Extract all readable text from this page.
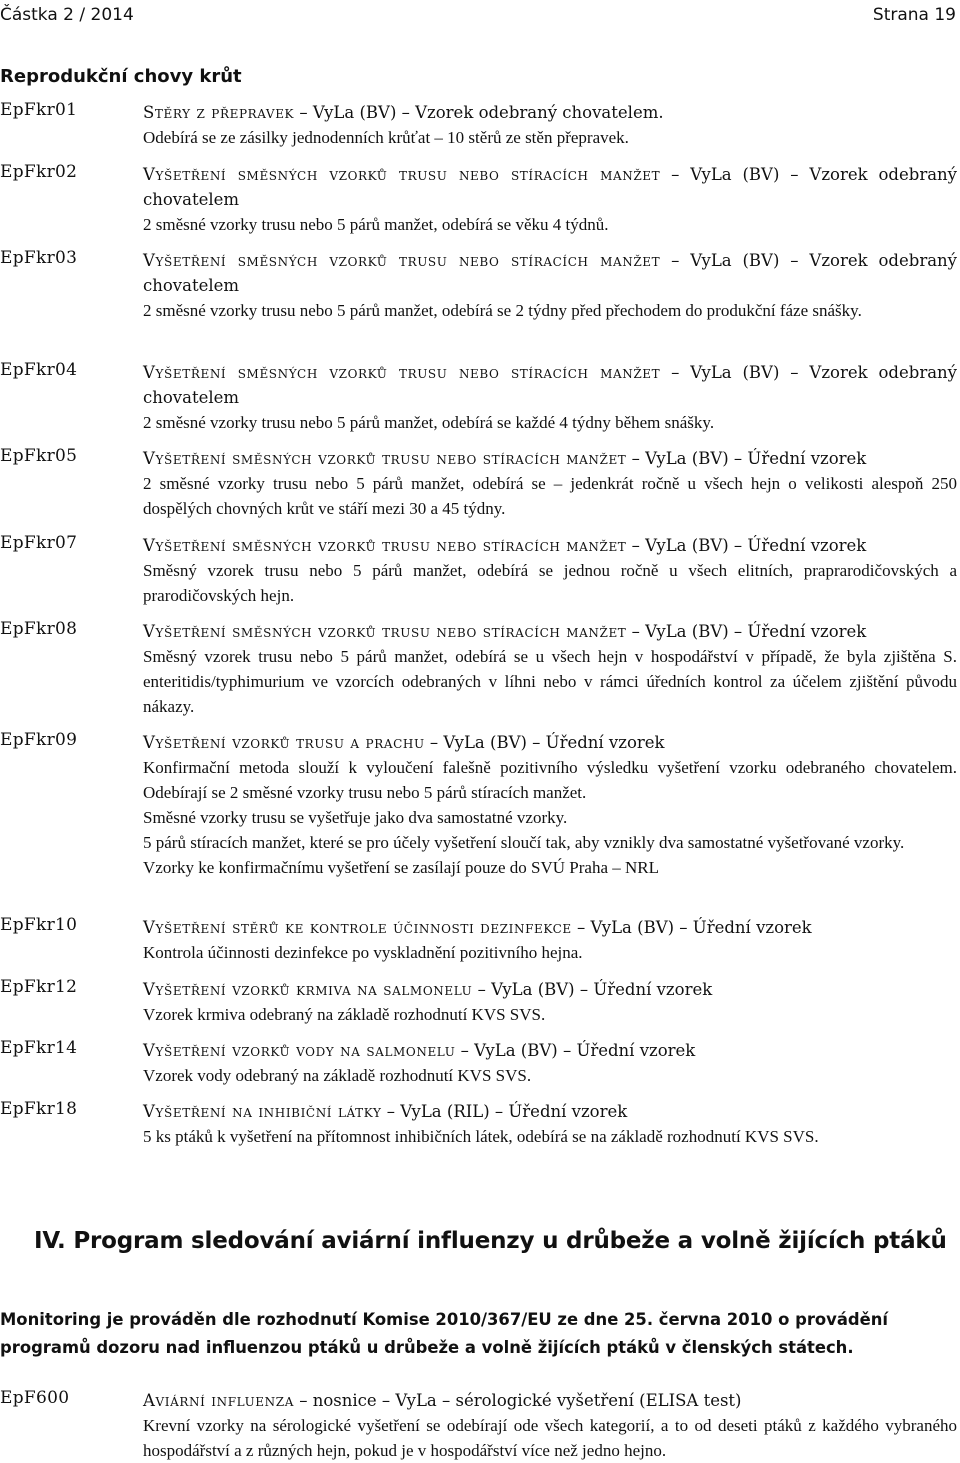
Částka 2 / 2014	Strana 19
Reprodukční chovy krůt
EpFkr01	Stěry z přepravek – VyLa (BV) – Vzorek odebraný chovatelem.
Odebírá se ze zásilky jednodenních krůťat – 10 stěrů ze stěn přepravek.
EpFkr02	Vyšetření směsných vzorků trusu nebo stíracích manžet – VyLa (BV) – Vzorek odebraný chovatelem
2 směsné vzorky trusu nebo 5 párů manžet, odebírá se věku 4 týdnů.
EpFkr03	Vyšetření směsných vzorků trusu nebo stíracích manžet – VyLa (BV) – Vzorek odebraný chovatelem
2 směsné vzorky trusu nebo 5 párů manžet, odebírá se 2 týdny před přechodem do produkční fáze snášky.
EpFkr04	Vyšetření směsných vzorků trusu nebo stíracích manžet – VyLa (BV) – Vzorek odebraný chovatelem
2 směsné vzorky trusu nebo 5 párů manžet, odebírá se každé 4 týdny během snášky.
EpFkr05	Vyšetření směsných vzorků trusu nebo stíracích manžet – VyLa (BV) – Úřední vzorek
2 směsné vzorky trusu nebo 5 párů manžet, odebírá se – jedenkrát ročně u všech hejn o velikosti alespoň 250 dospělých chovných krůt ve stáří mezi 30 a 45 týdny.
EpFkr07	Vyšetření směsných vzorků trusu nebo stíracích manžet – VyLa (BV) – Úřední vzorek
Směsný vzorek trusu nebo 5 párů manžet, odebírá se jednou ročně u všech elitních, praprarodičovských a prarodičovských hejn.
EpFkr08	Vyšetření směsných vzorků trusu nebo stíracích manžet – VyLa (BV) – Úřední vzorek
Směsný vzorek trusu nebo 5 párů manžet, odebírá se u všech hejn v hospodářství v případě, že byla zjištěna S. enteritidis/typhimurium ve vzorcích odebraných v líhni nebo v rámci úředních kontrol za účelem zjištění původu nákazy.
EpFkr09	Vyšetření vzorků trusu a prachu – VyLa (BV) – Úřední vzorek
Konfirmační metoda slouží k vyloučení falešně pozitivního výsledku vyšetření vzorku odebraného chovatelem. Odebírají se 2 směsné vzorky trusu nebo 5 párů stíracích manžet.
Směsné vzorky trusu se vyšetřuje jako dva samostatné vzorky.
5 párů stíracích manžet, které se pro účely vyšetření sloučí tak, aby vznikly dva samostatné vyšetřované vzorky.
Vzorky ke konfirmačnímu vyšetření se zasílají pouze do SVÚ Praha – NRL
EpFkr10	Vyšetření stěrů ke kontrole účinnosti dezinfekce – VyLa (BV) – Úřední vzorek
Kontrola účinnosti dezinfekce po vyskladnění pozitivního hejna.
EpFkr12	Vyšetření vzorků krmiva na salmonelu – VyLa (BV) – Úřední vzorek
Vzorek krmiva odebraný na základě rozhodnutí KVS SVS.
EpFkr14	Vyšetření vzorků vody na salmonelu – VyLa (BV) – Úřední vzorek
Vzorek vody odebraný na základě rozhodnutí KVS SVS.
EpFkr18	Vyšetření na inhibiční látky – VyLa (RIL) – Úřední vzorek
5 ks ptáků k vyšetření na přítomnost inhibičních látek, odebírá se na základě rozhodnutí KVS SVS.
IV. Program sledování aviární influenzy u drůbeže a volně žijících ptáků
Monitoring je prováděn dle rozhodnutí Komise 2010/367/EU ze dne 25. června 2010 o provádění
programů dozoru nad influenzou ptáků u drůbeže a volně žijících ptáků v členských státech.
EpF600	Aviární influenza – nosnice – VyLa – sérologické vyšetření (ELISA test)
Krevní vzorky na sérologické vyšetření se odebírají ode všech kategorií, a to od deseti ptáků z každého vybraného hospodářství a z různých hejn, pokud je v hospodářství více než jedno hejno.
